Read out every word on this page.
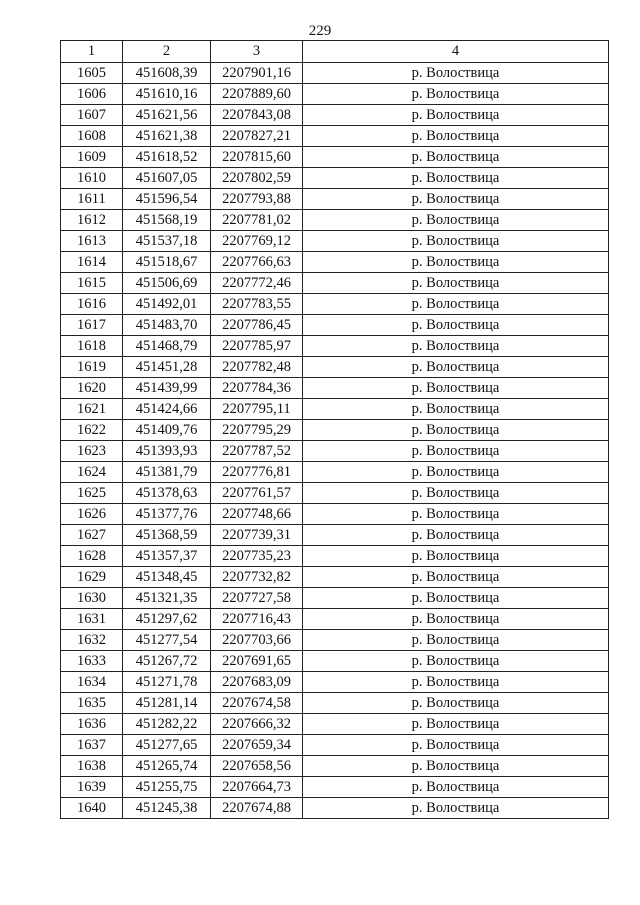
229
1	2	3	4
1605	451608,39	2207901,16	р. Волоствица
1606	451610,16	2207889,60	р. Волоствица
1607	451621,56	2207843,08	р. Волоствица
1608	451621,38	2207827,21	р. Волоствица
1609	451618,52	2207815,60	р. Волоствица
1610	451607,05	2207802,59	р. Волоствица
1611	451596,54	2207793,88	р. Волоствица
1612	451568,19	2207781,02	р. Волоствица
1613	451537,18	2207769,12	р. Волоствица
1614	451518,67	2207766,63	р. Волоствица
1615	451506,69	2207772,46	р. Волоствица
1616	451492,01	2207783,55	р. Волоствица
1617	451483,70	2207786,45	р. Волоствица
1618	451468,79	2207785,97	р. Волоствица
1619	451451,28	2207782,48	р. Волоствица
1620	451439,99	2207784,36	р. Волоствица
1621	451424,66	2207795,11	р. Волоствица
1622	451409,76	2207795,29	р. Волоствица
1623	451393,93	2207787,52	р. Волоствица
1624	451381,79	2207776,81	р. Волоствица
1625	451378,63	2207761,57	р. Волоствица
1626	451377,76	2207748,66	р. Волоствица
1627	451368,59	2207739,31	р. Волоствица
1628	451357,37	2207735,23	р. Волоствица
1629	451348,45	2207732,82	р. Волоствица
1630	451321,35	2207727,58	р. Волоствица
1631	451297,62	2207716,43	р. Волоствица
1632	451277,54	2207703,66	р. Волоствица
1633	451267,72	2207691,65	р. Волоствица
1634	451271,78	2207683,09	р. Волоствица
1635	451281,14	2207674,58	р. Волоствица
1636	451282,22	2207666,32	р. Волоствица
1637	451277,65	2207659,34	р. Волоствица
1638	451265,74	2207658,56	р. Волоствица
1639	451255,75	2207664,73	р. Волоствица
1640	451245,38	2207674,88	р. Волоствица
